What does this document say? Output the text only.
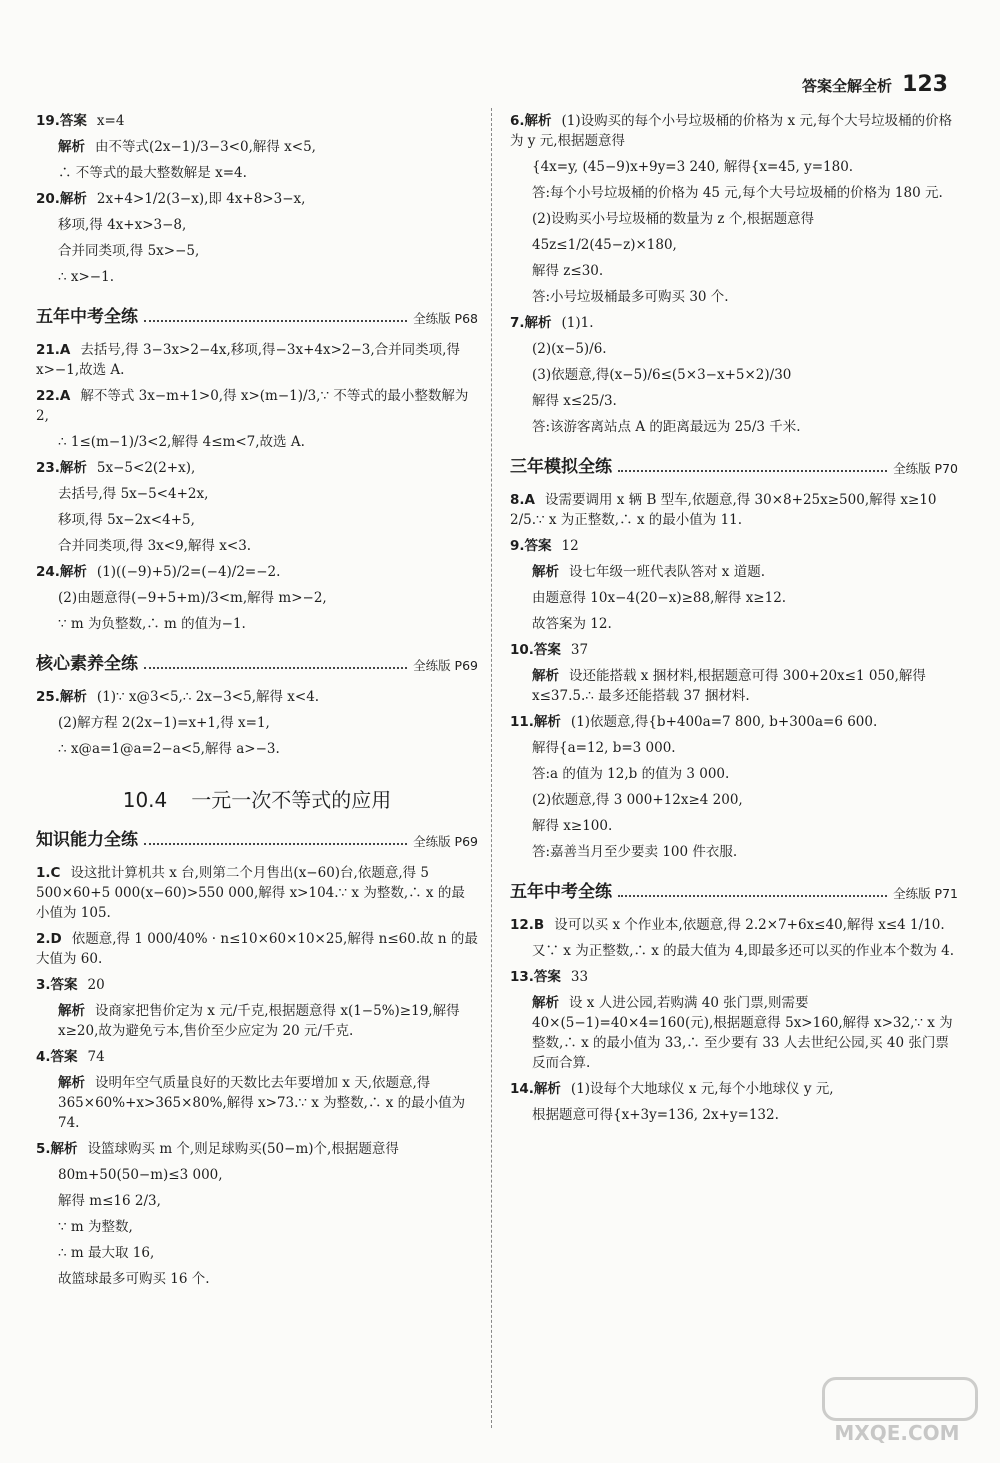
答案全解全析 123

19.答案 x=4

解析 由不等式(2x−1)/3−3<0,解得 x<5,

∴ 不等式的最大整数解是 x=4.

20.解析 2x+4>1/2(3−x),即 4x+8>3−x,

移项,得 4x+x>3−8,

合并同类项,得 5x>−5,

∴ x>−1.

五年中考全练	全练版 P68

21.A 去括号,得 3−3x>2−4x,移项,得−3x+4x>2−3,合并同类项,得 x>−1,故选 A.

22.A 解不等式 3x−m+1>0,得 x>(m−1)/3,∵ 不等式的最小整数解为 2,

∴ 1≤(m−1)/3<2,解得 4≤m<7,故选 A.

23.解析 5x−5<2(2+x),

去括号,得 5x−5<4+2x,

移项,得 5x−2x<4+5,

合并同类项,得 3x<9,解得 x<3.

24.解析 (1)((−9)+5)/2=(−4)/2=−2.

(2)由题意得(−9+5+m)/3<m,解得 m>−2,

∵ m 为负整数,∴ m 的值为−1.

核心素养全练	全练版 P69

25.解析 (1)∵ x@3<5,∴ 2x−3<5,解得 x<4.

(2)解方程 2(2x−1)=x+1,得 x=1,

∴ x@a=1@a=2−a<5,解得 a>−3.

10.4 一元一次不等式的应用
知识能力全练	全练版 P69

1.C 设这批计算机共 x 台,则第二个月售出(x−60)台,依题意,得 5 500×60+5 000(x−60)>550 000,解得 x>104.∵ x 为整数,∴ x 的最小值为 105.

2.D 依题意,得 1 000/40% · n≤10×60×10×25,解得 n≤60.故 n 的最大值为 60.

3.答案 20

解析 设商家把售价定为 x 元/千克,根据题意得 x(1−5%)≥19,解得 x≥20,故为避免亏本,售价至少应定为 20 元/千克.

4.答案 74

解析 设明年空气质量良好的天数比去年要增加 x 天,依题意,得 365×60%+x>365×80%,解得 x>73.∵ x 为整数,∴ x 的最小值为 74.

5.解析 设篮球购买 m 个,则足球购买(50−m)个,根据题意得

80m+50(50−m)≤3 000,

解得 m≤16 2/3,

∵ m 为整数,

∴ m 最大取 16,

故篮球最多可购买 16 个.

6.解析 (1)设购买的每个小号垃圾桶的价格为 x 元,每个大号垃圾桶的价格为 y 元,根据题意得

{4x=y, (45−9)x+9y=3 240, 解得{x=45, y=180.

答:每个小号垃圾桶的价格为 45 元,每个大号垃圾桶的价格为 180 元.

(2)设购买小号垃圾桶的数量为 z 个,根据题意得

45z≤1/2(45−z)×180,

解得 z≤30.

答:小号垃圾桶最多可购买 30 个.

7.解析 (1)1.

(2)(x−5)/6.

(3)依题意,得(x−5)/6≤(5×3−x+5×2)/30

解得 x≤25/3.

答:该游客离站点 A 的距离最远为 25/3 千米.

三年模拟全练	全练版 P70

8.A 设需要调用 x 辆 B 型车,依题意,得 30×8+25x≥500,解得 x≥10 2/5.∵ x 为正整数,∴ x 的最小值为 11.

9.答案 12

解析 设七年级一班代表队答对 x 道题.

由题意得 10x−4(20−x)≥88,解得 x≥12.

故答案为 12.

10.答案 37

解析 设还能搭载 x 捆材料,根据题意可得 300+20x≤1 050,解得 x≤37.5.∴ 最多还能搭载 37 捆材料.

11.解析 (1)依题意,得{b+400a=7 800, b+300a=6 600.

解得{a=12, b=3 000.

答:a 的值为 12,b 的值为 3 000.

(2)依题意,得 3 000+12x≥4 200,

解得 x≥100.

答:嘉善当月至少要卖 100 件衣服.

五年中考全练	全练版 P71

12.B 设可以买 x 个作业本,依题意,得 2.2×7+6x≤40,解得 x≤4 1/10.

又∵ x 为正整数,∴ x 的最大值为 4,即最多还可以买的作业本个数为 4.

13.答案 33

解析 设 x 人进公园,若购满 40 张门票,则需要 40×(5−1)=40×4=160(元),根据题意得 5x>160,解得 x>32,∵ x 为整数,∴ x 的最小值为 33,∴ 至少要有 33 人去世纪公园,买 40 张门票反而合算.

14.解析 (1)设每个大地球仪 x 元,每个小地球仪 y 元,

根据题意可得{x+3y=136, 2x+y=132.

MXQE.COM
